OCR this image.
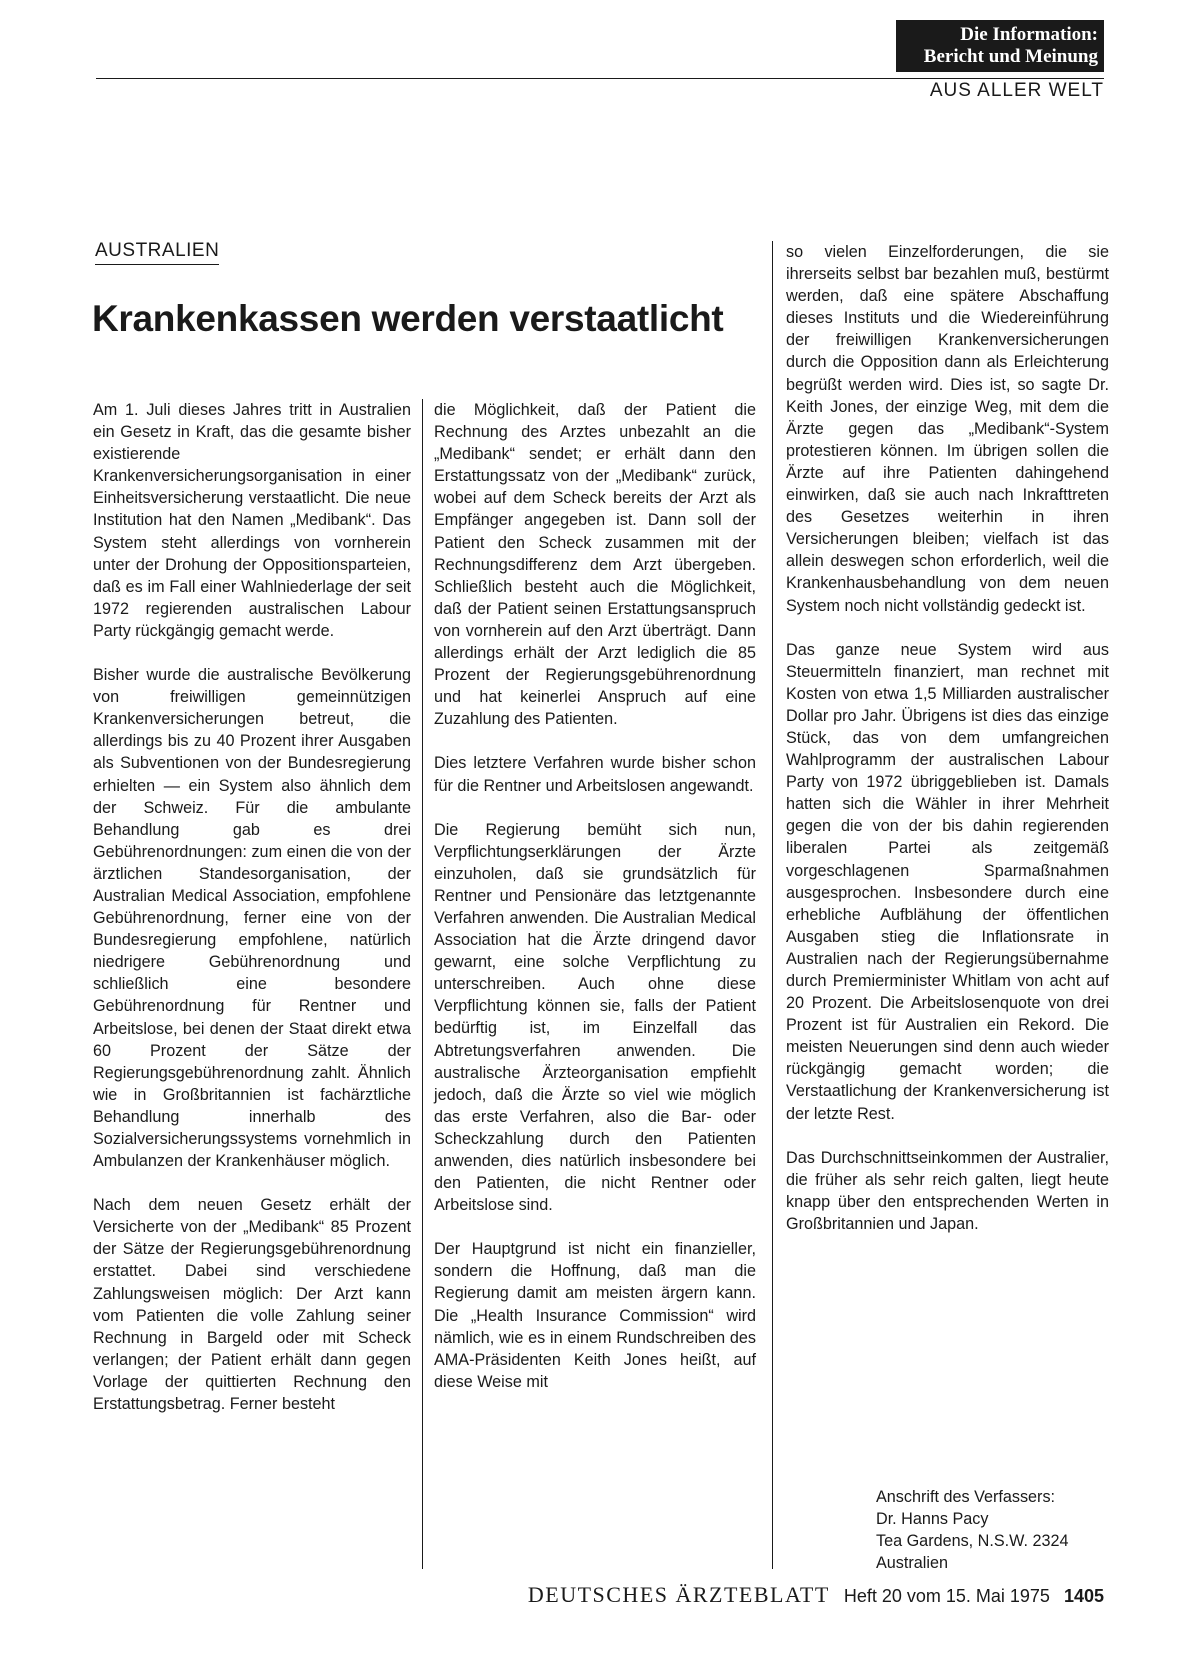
Die Information:
Bericht und Meinung
AUS ALLER WELT
AUSTRALIEN
Krankenkassen werden verstaatlicht

Am 1. Juli dieses Jahres tritt in Australien ein Gesetz in Kraft, das die gesamte bisher existierende Krankenversicherungsorganisation in einer Einheitsversicherung verstaatlicht. Die neue Institution hat den Namen „Medibank“. Das System steht allerdings von vornherein unter der Drohung der Oppositionsparteien, daß es im Fall einer Wahlniederlage der seit 1972 regierenden australischen Labour Party rückgängig gemacht werde.

Bisher wurde die australische Bevölkerung von freiwilligen gemeinnützigen Krankenversicherungen betreut, die allerdings bis zu 40 Prozent ihrer Ausgaben als Subventionen von der Bundesregierung erhielten — ein System also ähnlich dem der Schweiz. Für die ambulante Behandlung gab es drei Gebührenordnungen: zum einen die von der ärztlichen Standesorganisation, der Australian Medical Association, empfohlene Gebührenordnung, ferner eine von der Bundesregierung empfohlene, natürlich niedrigere Gebührenordnung und schließlich eine besondere Gebührenordnung für Rentner und Arbeitslose, bei denen der Staat direkt etwa 60 Prozent der Sätze der Regierungsgebührenordnung zahlt. Ähnlich wie in Großbritannien ist fachärztliche Behandlung innerhalb des Sozialversicherungssystems vornehmlich in Ambulanzen der Krankenhäuser möglich.

Nach dem neuen Gesetz erhält der Versicherte von der „Medibank“ 85 Prozent der Sätze der Regierungsgebührenordnung erstattet. Dabei sind verschiedene Zahlungsweisen möglich: Der Arzt kann vom Patienten die volle Zahlung seiner Rechnung in Bargeld oder mit Scheck verlangen; der Patient erhält dann gegen Vorlage der quittierten Rechnung den Erstattungsbetrag. Ferner besteht

die Möglichkeit, daß der Patient die Rechnung des Arztes unbezahlt an die „Medibank“ sendet; er erhält dann den Erstattungssatz von der „Medibank“ zurück, wobei auf dem Scheck bereits der Arzt als Empfänger angegeben ist. Dann soll der Patient den Scheck zusammen mit der Rechnungsdifferenz dem Arzt übergeben. Schließlich besteht auch die Möglichkeit, daß der Patient seinen Erstattungsanspruch von vornherein auf den Arzt überträgt. Dann allerdings erhält der Arzt lediglich die 85 Prozent der Regierungsgebührenordnung und hat keinerlei Anspruch auf eine Zuzahlung des Patienten.

Dies letztere Verfahren wurde bisher schon für die Rentner und Arbeitslosen angewandt.

Die Regierung bemüht sich nun, Verpflichtungserklärungen der Ärzte einzuholen, daß sie grundsätzlich für Rentner und Pensionäre das letztgenannte Verfahren anwenden. Die Australian Medical Association hat die Ärzte dringend davor gewarnt, eine solche Verpflichtung zu unterschreiben. Auch ohne diese Verpflichtung können sie, falls der Patient bedürftig ist, im Einzelfall das Abtretungsverfahren anwenden. Die australische Ärzteorganisation empfiehlt jedoch, daß die Ärzte so viel wie möglich das erste Verfahren, also die Bar- oder Scheckzahlung durch den Patienten anwenden, dies natürlich insbesondere bei den Patienten, die nicht Rentner oder Arbeitslose sind.

Der Hauptgrund ist nicht ein finanzieller, sondern die Hoffnung, daß man die Regierung damit am meisten ärgern kann. Die „Health Insurance Commission“ wird nämlich, wie es in einem Rundschreiben des AMA-Präsidenten Keith Jones heißt, auf diese Weise mit

so vielen Einzelforderungen, die sie ihrerseits selbst bar bezahlen muß, bestürmt werden, daß eine spätere Abschaffung dieses Instituts und die Wiedereinführung der freiwilligen Krankenversicherungen durch die Opposition dann als Erleichterung begrüßt werden wird. Dies ist, so sagte Dr. Keith Jones, der einzige Weg, mit dem die Ärzte gegen das „Medibank“-System protestieren können. Im übrigen sollen die Ärzte auf ihre Patienten dahingehend einwirken, daß sie auch nach Inkrafttreten des Gesetzes weiterhin in ihren Versicherungen bleiben; vielfach ist das allein deswegen schon erforderlich, weil die Krankenhausbehandlung von dem neuen System noch nicht vollständig gedeckt ist.

Das ganze neue System wird aus Steuermitteln finanziert, man rechnet mit Kosten von etwa 1,5 Milliarden australischer Dollar pro Jahr. Übrigens ist dies das einzige Stück, das von dem umfangreichen Wahlprogramm der australischen Labour Party von 1972 übriggeblieben ist. Damals hatten sich die Wähler in ihrer Mehrheit gegen die von der bis dahin regierenden liberalen Partei als zeitgemäß vorgeschlagenen Sparmaßnahmen ausgesprochen. Insbesondere durch eine erhebliche Aufblähung der öffentlichen Ausgaben stieg die Inflationsrate in Australien nach der Regierungsübernahme durch Premierminister Whitlam von acht auf 20 Prozent. Die Arbeitslosenquote von drei Prozent ist für Australien ein Rekord. Die meisten Neuerungen sind denn auch wieder rückgängig gemacht worden; die Verstaatlichung der Krankenversicherung ist der letzte Rest.

Das Durchschnittseinkommen der Australier, die früher als sehr reich galten, liegt heute knapp über den entsprechenden Werten in Großbritannien und Japan.

Anschrift des Verfassers:
Dr. Hanns Pacy
Tea Gardens, N.S.W. 2324
Australien
DEUTSCHES ÄRZTEBLATT Heft 20 vom 15. Mai 1975 1405
